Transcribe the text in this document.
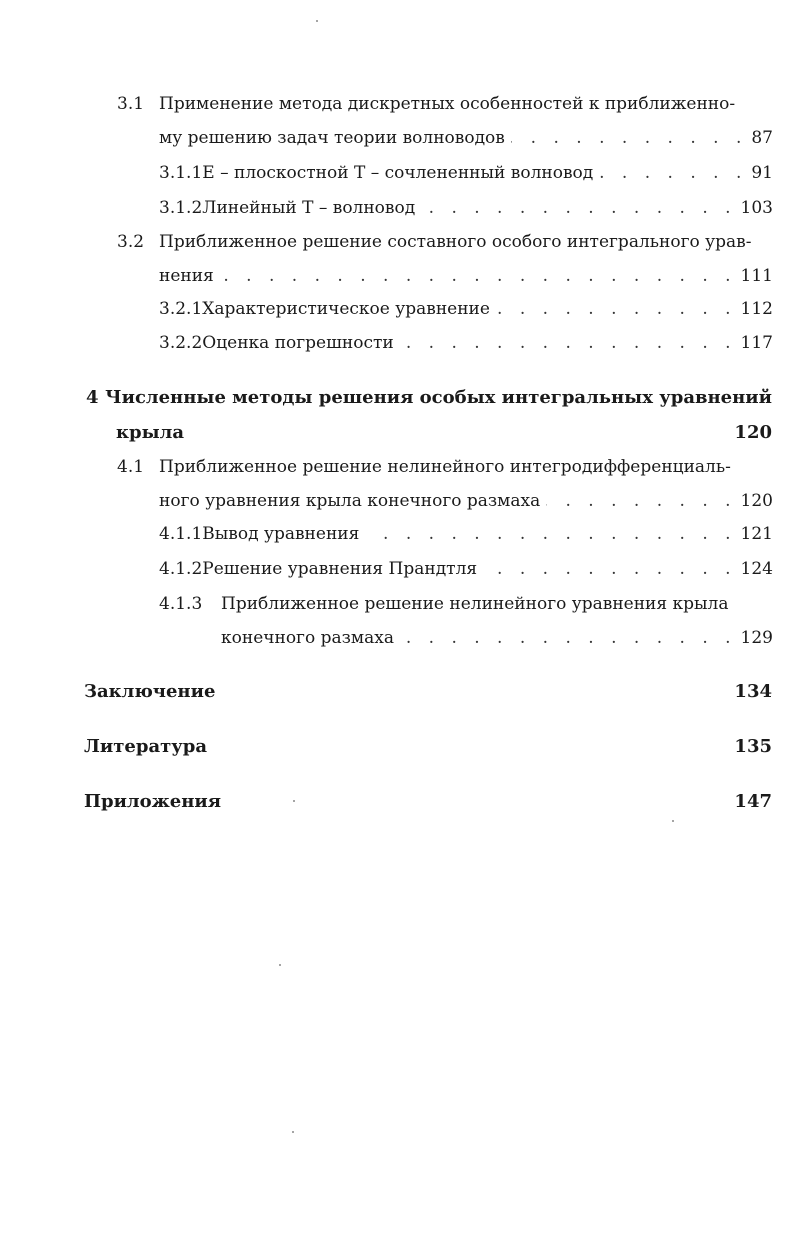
3.1 Применение метода дискретных особенностей к приближенно-
му решению задач теории волноводов . . .	87
3.1.1 E – плоскостной T – сочлененный волновод . . .	91
3.1.2 Линейный T – волновод . . .	103
3.2 Приближенное решение составного особого интегрального урав-
нения . . .	111
3.2.1 Характеристическое уравнение . . .	112
3.2.2 Оценка погрешности . . .	117
4 Численные методы решения особых интегральных уравнений
крыла	120
4.1 Приближенное решение нелинейного интегродифференциаль-
ного уравнения крыла конечного размаха . . .	120
4.1.1 Вывод уравнения . . .	121
4.1.2 Решение уравнения Прандтля . . .	124
4.1.3	Приближенное решение нелинейного уравнения крыла
конечного размаха . . .	129
Заключение	134
Литература	135
Приложения	147
